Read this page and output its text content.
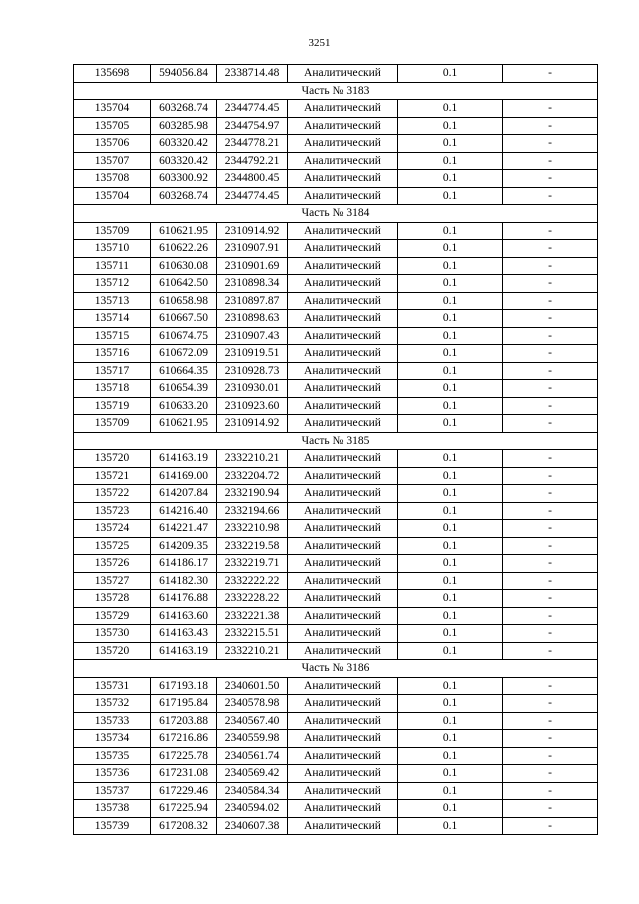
3251
135698	594056.84	2338714.48	Аналитический	0.1	-
Часть № 3183					
135704	603268.74	2344774.45	Аналитический	0.1	-
135705	603285.98	2344754.97	Аналитический	0.1	-
135706	603320.42	2344778.21	Аналитический	0.1	-
135707	603320.42	2344792.21	Аналитический	0.1	-
135708	603300.92	2344800.45	Аналитический	0.1	-
135704	603268.74	2344774.45	Аналитический	0.1	-
Часть № 3184					
135709	610621.95	2310914.92	Аналитический	0.1	-
135710	610622.26	2310907.91	Аналитический	0.1	-
135711	610630.08	2310901.69	Аналитический	0.1	-
135712	610642.50	2310898.34	Аналитический	0.1	-
135713	610658.98	2310897.87	Аналитический	0.1	-
135714	610667.50	2310898.63	Аналитический	0.1	-
135715	610674.75	2310907.43	Аналитический	0.1	-
135716	610672.09	2310919.51	Аналитический	0.1	-
135717	610664.35	2310928.73	Аналитический	0.1	-
135718	610654.39	2310930.01	Аналитический	0.1	-
135719	610633.20	2310923.60	Аналитический	0.1	-
135709	610621.95	2310914.92	Аналитический	0.1	-
Часть № 3185					
135720	614163.19	2332210.21	Аналитический	0.1	-
135721	614169.00	2332204.72	Аналитический	0.1	-
135722	614207.84	2332190.94	Аналитический	0.1	-
135723	614216.40	2332194.66	Аналитический	0.1	-
135724	614221.47	2332210.98	Аналитический	0.1	-
135725	614209.35	2332219.58	Аналитический	0.1	-
135726	614186.17	2332219.71	Аналитический	0.1	-
135727	614182.30	2332222.22	Аналитический	0.1	-
135728	614176.88	2332228.22	Аналитический	0.1	-
135729	614163.60	2332221.38	Аналитический	0.1	-
135730	614163.43	2332215.51	Аналитический	0.1	-
135720	614163.19	2332210.21	Аналитический	0.1	-
Часть № 3186					
135731	617193.18	2340601.50	Аналитический	0.1	-
135732	617195.84	2340578.98	Аналитический	0.1	-
135733	617203.88	2340567.40	Аналитический	0.1	-
135734	617216.86	2340559.98	Аналитический	0.1	-
135735	617225.78	2340561.74	Аналитический	0.1	-
135736	617231.08	2340569.42	Аналитический	0.1	-
135737	617229.46	2340584.34	Аналитический	0.1	-
135738	617225.94	2340594.02	Аналитический	0.1	-
135739	617208.32	2340607.38	Аналитический	0.1	-
